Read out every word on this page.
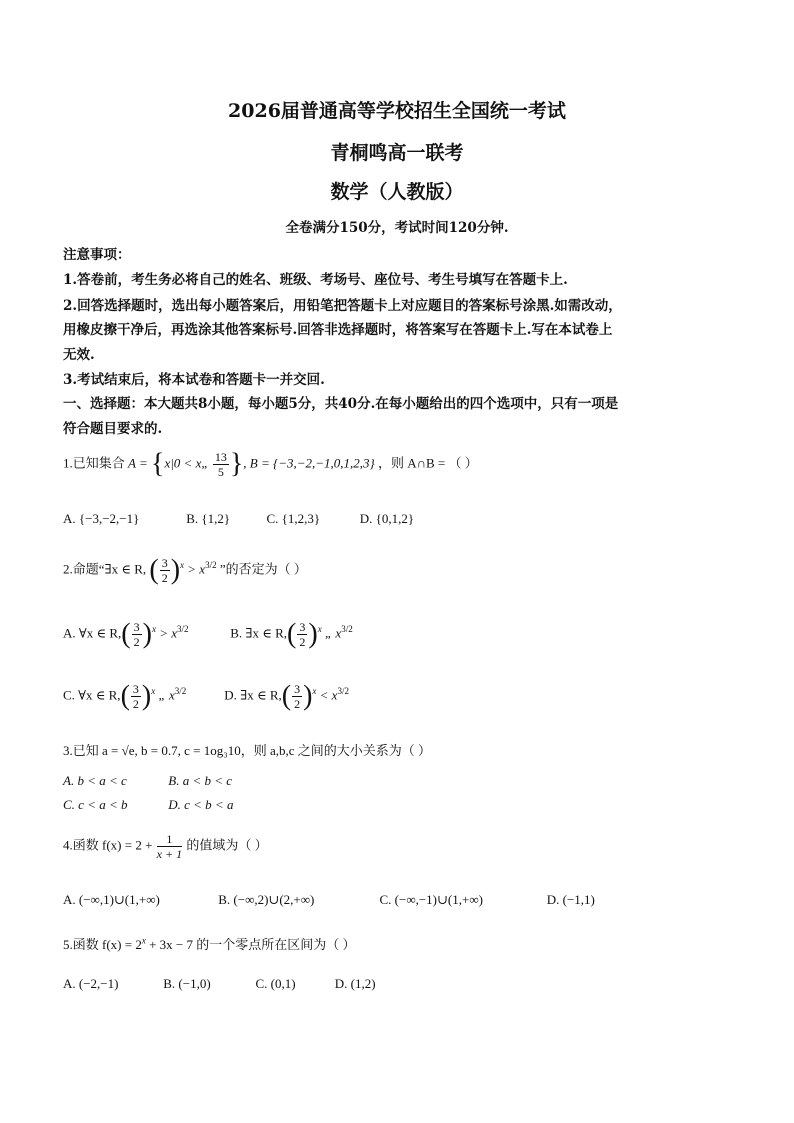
2026届普通高等学校招生全国统一考试
青桐鸣高一联考
数学（人教版）
全卷满分150分，考试时间120分钟.
注意事项：
1.答卷前，考生务必将自己的姓名、班级、考场号、座位号、考生号填写在答题卡上.
2.回答选择题时，选出每小题答案后，用铅笔把答题卡上对应题目的答案标号涂黑.如需改动，
用橡皮擦干净后，再选涂其他答案标号.回答非选择题时，将答案写在答题卡上.写在本试卷上
无效.
3.考试结束后，将本试卷和答题卡一并交回.
一、选择题：本大题共8小题，每小题5分，共40分.在每小题给出的四个选项中，只有一项是
符合题目要求的.
1.已知集合 A = {x|0 < x„ $\frac{13}{5}$ }, B = {−3,−2,−1,0,1,2,3} ，则 A∩B = （ ）
A. {−3,−2,−1}	B. {1,2}	C. {1,2,3}	D. {0,1,2}
2.命题“∃x ∈ R, ( $\frac{3}{2} )^x > x^{3/2}$ ”的否定为（ ）
A. ∀x ∈ $R,( \frac{3}{2} )^x > x^{3/2}$	B. ∃x ∈ $R,( \frac{3}{2} )^x$ „ $x^{3/2}$
C. ∀x ∈ $R,( \frac{3}{2} )^x$ „ $x^{3/2}$	D. ∃x ∈ $R,( \frac{3}{2} )^x < x^{3/2}$
3.已知 a = √e, b = 0.7, c = 1og₃10，则 a,b,c 之间的大小关系为（ ）
A. b < a < c	B. a < b < c
C. c < a < b	D. c < b < a
4.函数 $f(x) = 2 + \frac{1}{x + 1}$ 的值域为（ ）
A. (−∞,1)∪(1,+∞)	B. (−∞,2)∪(2,+∞)	C. (−∞,−1)∪(1,+∞)	D. (−1,1)
5.函数 $f(x) = 2^x + 3x - 7$ 的一个零点所在区间为（ ）
A. (−2,−1)	B. (−1,0)	C. (0,1)	D. (1,2)
